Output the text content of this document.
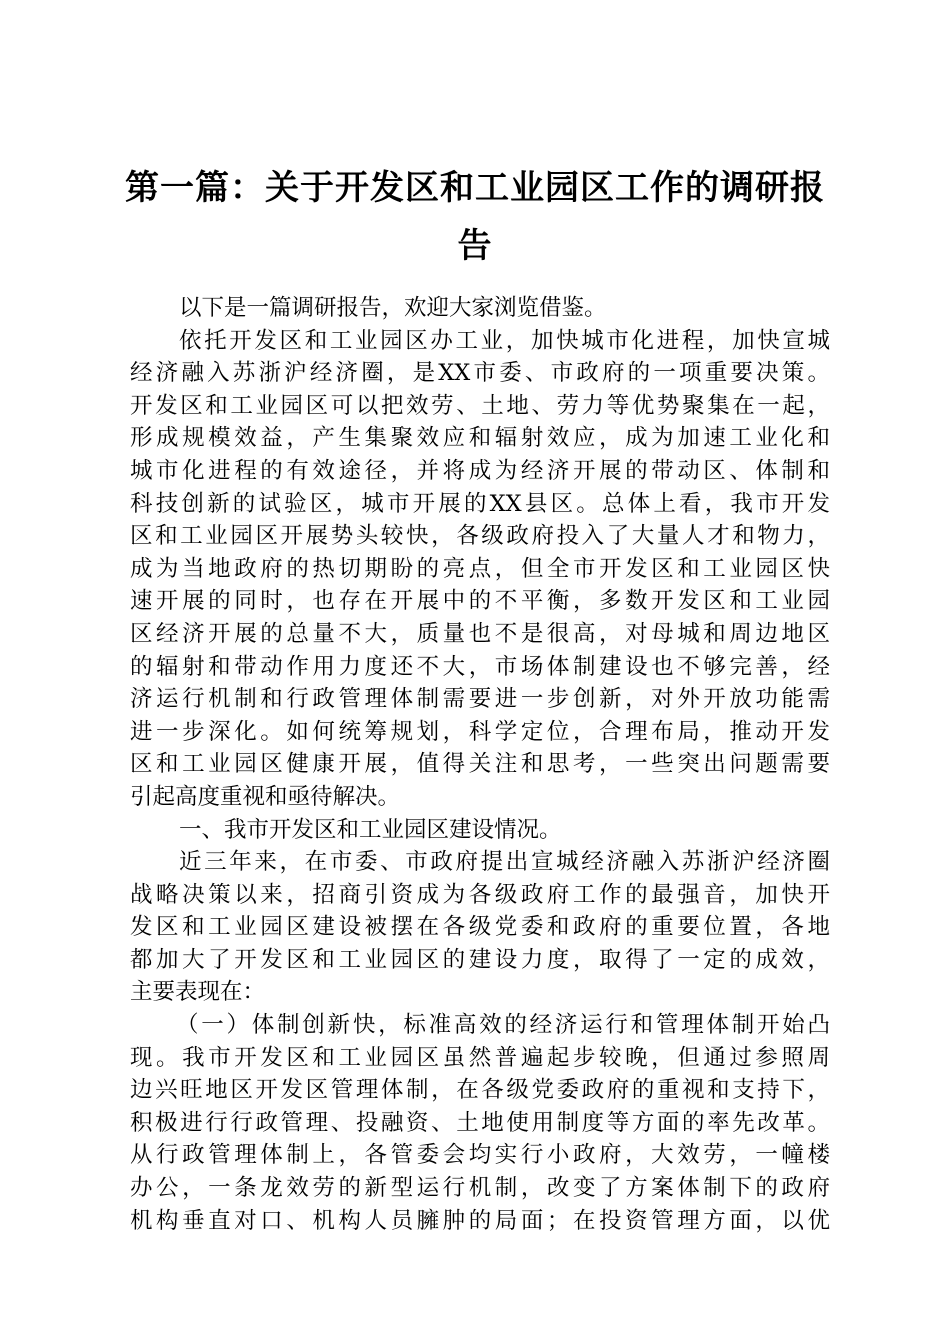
第一篇：关于开发区和工业园区工作的调研报
告
以下是一篇调研报告，欢迎大家浏览借鉴。
依托开发区和工业园区办工业，加快城市化进程，加快宣城
经济融入苏浙沪经济圈，是XX市委、市政府的一项重要决策。
开发区和工业园区可以把效劳、土地、劳力等优势聚集在一起，
形成规模效益，产生集聚效应和辐射效应，成为加速工业化和
城市化进程的有效途径，并将成为经济开展的带动区、体制和
科技创新的试验区，城市开展的XX县区。总体上看，我市开发
区和工业园区开展势头较快，各级政府投入了大量人才和物力，
成为当地政府的热切期盼的亮点，但全市开发区和工业园区快
速开展的同时，也存在开展中的不平衡，多数开发区和工业园
区经济开展的总量不大，质量也不是很高，对母城和周边地区
的辐射和带动作用力度还不大，市场体制建设也不够完善，经
济运行机制和行政管理体制需要进一步创新，对外开放功能需
进一步深化。如何统筹规划，科学定位，合理布局，推动开发
区和工业园区健康开展，值得关注和思考，一些突出问题需要
引起高度重视和亟待解决。
一、我市开发区和工业园区建设情况。
近三年来，在市委、市政府提出宣城经济融入苏浙沪经济圈
战略决策以来，招商引资成为各级政府工作的最强音，加快开
发区和工业园区建设被摆在各级党委和政府的重要位置，各地
都加大了开发区和工业园区的建设力度，取得了一定的成效，
主要表现在：
（一）体制创新快，标准高效的经济运行和管理体制开始凸
现。我市开发区和工业园区虽然普遍起步较晚，但通过参照周
边兴旺地区开发区管理体制，在各级党委政府的重视和支持下，
积极进行行政管理、投融资、土地使用制度等方面的率先改革。
从行政管理体制上，各管委会均实行小政府，大效劳，一幢楼
办公，一条龙效劳的新型运行机制，改变了方案体制下的政府
机构垂直对口、机构人员臃肿的局面；在投资管理方面，以优
